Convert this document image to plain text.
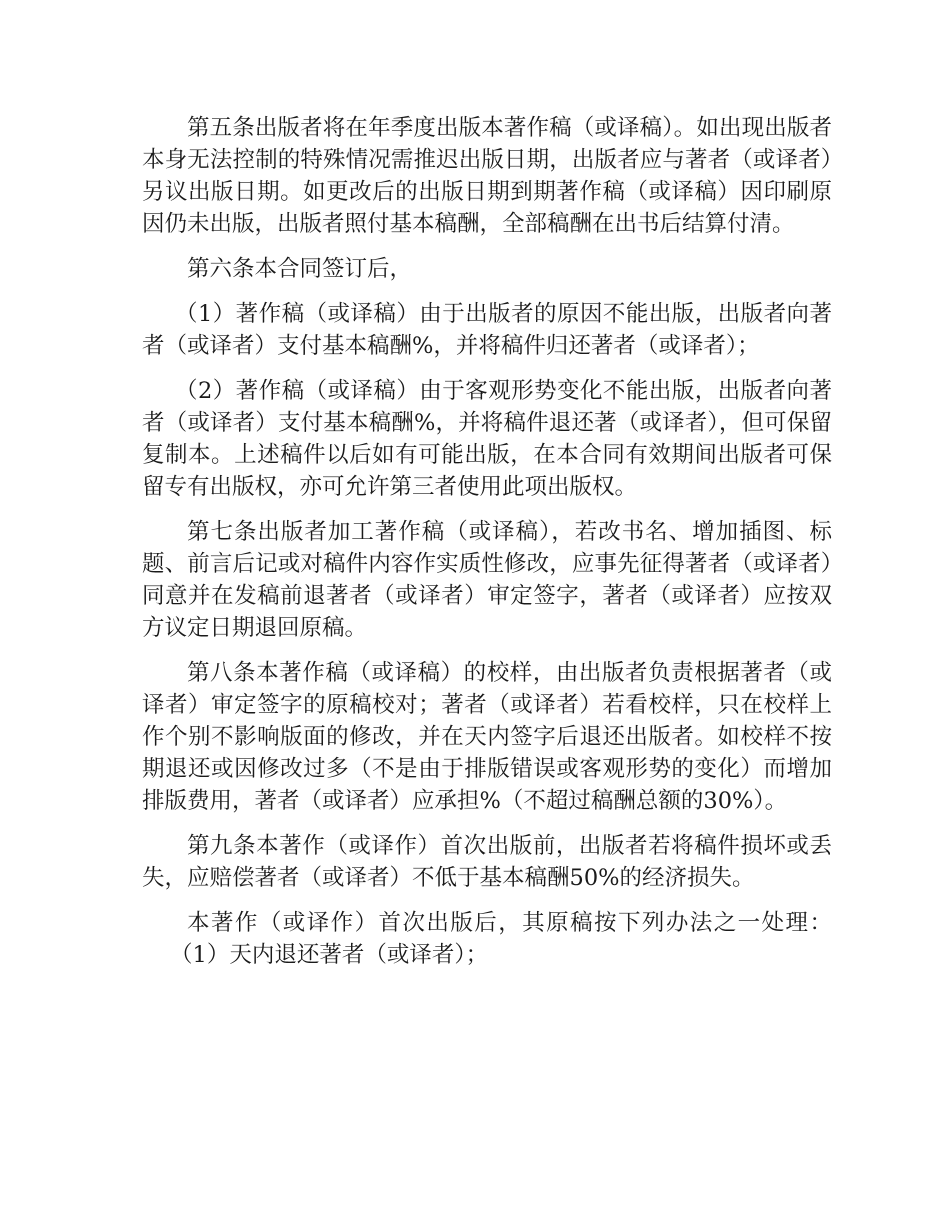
第五条出版者将在年季度出版本著作稿（或译稿）。如出现出版者本身无法控制的特殊情况需推迟出版日期，出版者应与著者（或译者）另议出版日期。如更改后的出版日期到期著作稿（或译稿）因印刷原因仍未出版，出版者照付基本稿酬，全部稿酬在出书后结算付清。

第六条本合同签订后，

（1）著作稿（或译稿）由于出版者的原因不能出版，出版者向著者（或译者）支付基本稿酬%，并将稿件归还著者（或译者）；

（2）著作稿（或译稿）由于客观形势变化不能出版，出版者向著者（或译者）支付基本稿酬%，并将稿件退还著（或译者），但可保留复制本。上述稿件以后如有可能出版，在本合同有效期间出版者可保留专有出版权，亦可允许第三者使用此项出版权。

第七条出版者加工著作稿（或译稿），若改书名、增加插图、标题、前言后记或对稿件内容作实质性修改，应事先征得著者（或译者）同意并在发稿前退著者（或译者）审定签字，著者（或译者）应按双方议定日期退回原稿。

第八条本著作稿（或译稿）的校样，由出版者负责根据著者（或译者）审定签字的原稿校对；著者（或译者）若看校样，只在校样上作个别不影响版面的修改，并在天内签字后退还出版者。如校样不按期退还或因修改过多（不是由于排版错误或客观形势的变化）而增加排版费用，著者（或译者）应承担%（不超过稿酬总额的30%）。

第九条本著作（或译作）首次出版前，出版者若将稿件损坏或丢失，应赔偿著者（或译者）不低于基本稿酬50%的经济损失。

本著作（或译作）首次出版后，其原稿按下列办法之一处理：（1）天内退还著者（或译者）；
